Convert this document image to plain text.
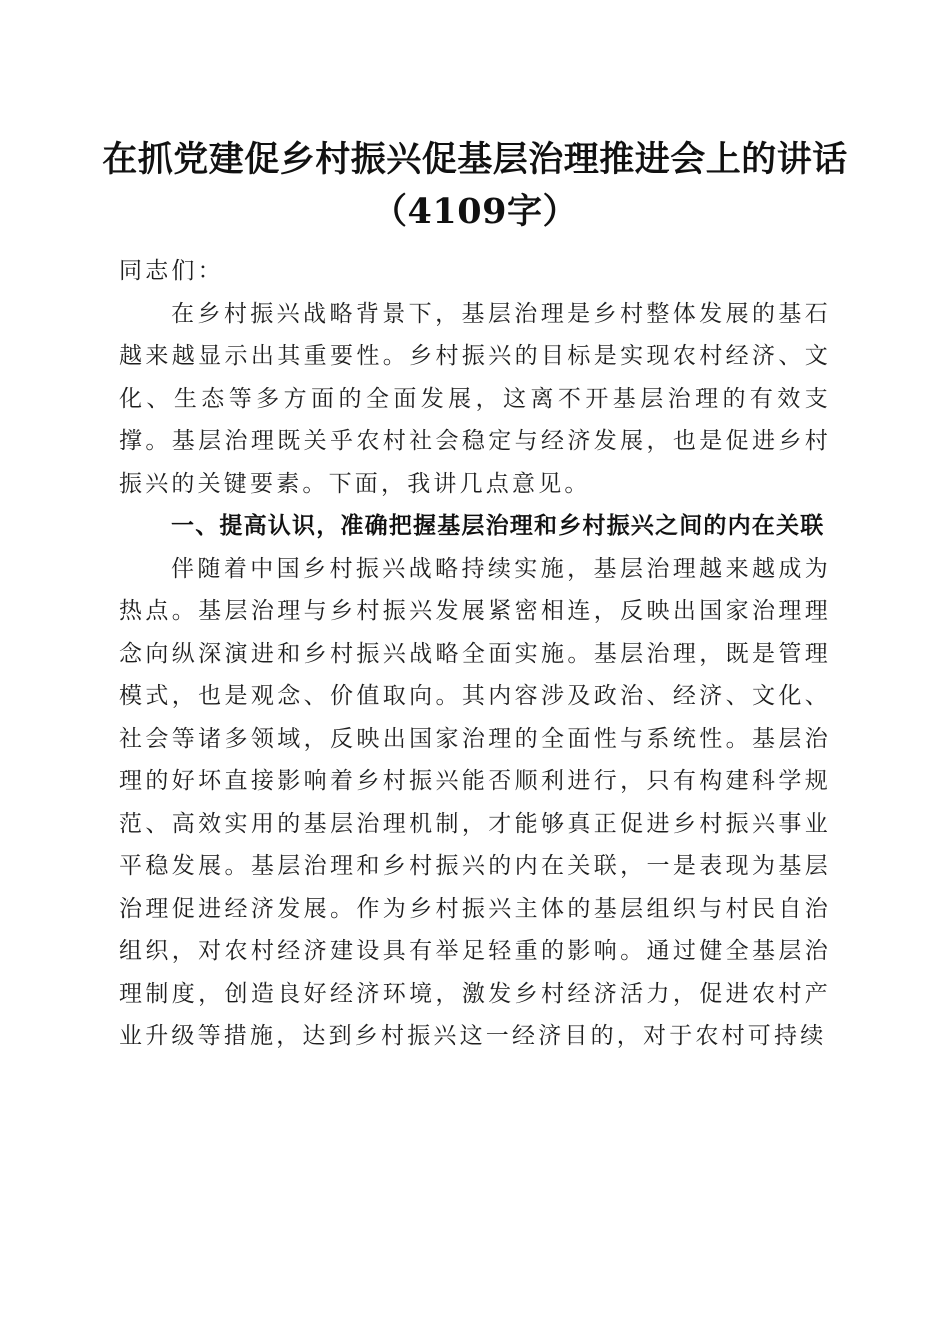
在抓党建促乡村振兴促基层治理推进会上的讲话（4109字）

同志们：

在乡村振兴战略背景下，基层治理是乡村整体发展的基石越来越显示出其重要性。乡村振兴的目标是实现农村经济、文化、生态等多方面的全面发展，这离不开基层治理的有效支撑。基层治理既关乎农村社会稳定与经济发展，也是促进乡村振兴的关键要素。下面，我讲几点意见。

一、提高认识，准确把握基层治理和乡村振兴之间的内在关联

伴随着中国乡村振兴战略持续实施，基层治理越来越成为热点。基层治理与乡村振兴发展紧密相连，反映出国家治理理念向纵深演进和乡村振兴战略全面实施。基层治理，既是管理模式，也是观念、价值取向。其内容涉及政治、经济、文化、社会等诸多领域，反映出国家治理的全面性与系统性。基层治理的好坏直接影响着乡村振兴能否顺利进行，只有构建科学规范、高效实用的基层治理机制，才能够真正促进乡村振兴事业平稳发展。基层治理和乡村振兴的内在关联，一是表现为基层治理促进经济发展。作为乡村振兴主体的基层组织与村民自治组织，对农村经济建设具有举足轻重的影响。通过健全基层治理制度，创造良好经济环境，激发乡村经济活力，促进农村产业升级等措施，达到乡村振兴这一经济目的，对于农村可持续
